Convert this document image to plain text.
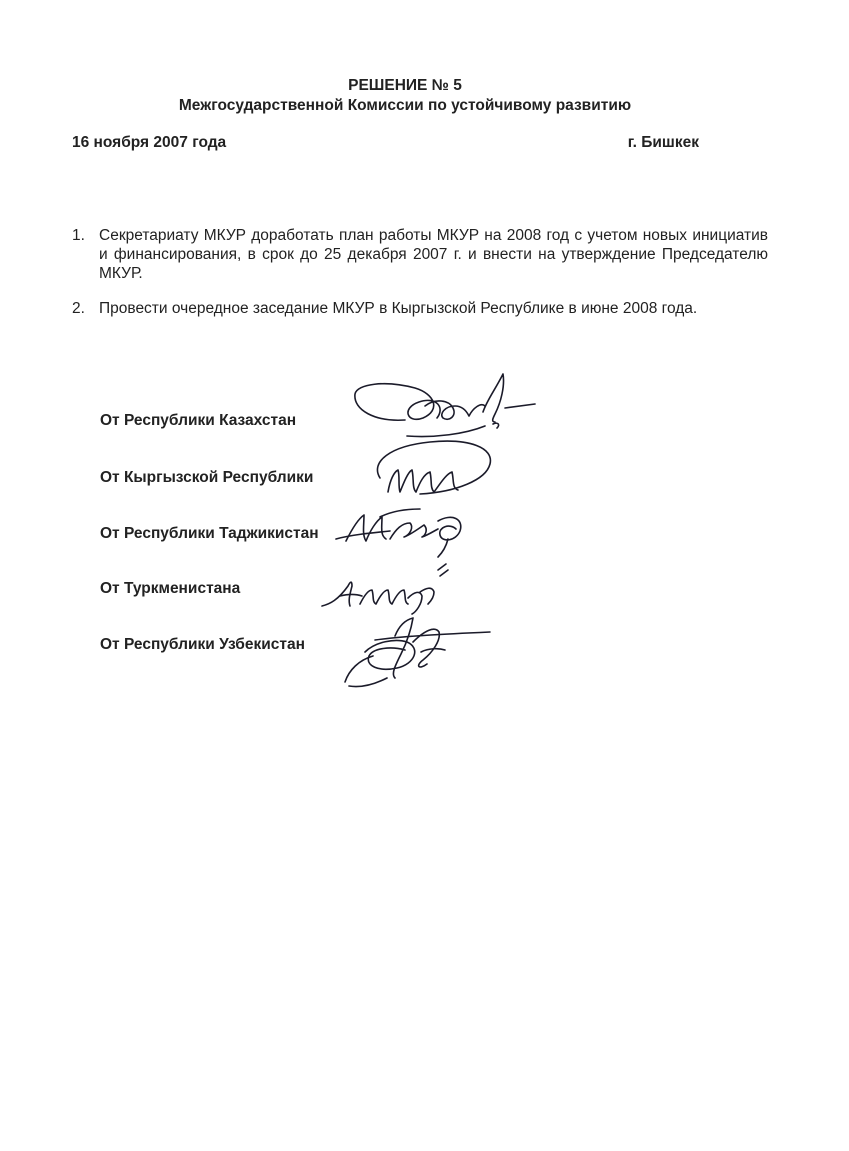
РЕШЕНИЕ № 5
Межгосударственной Комиссии по устойчивому развитию
16 ноября 2007 года	г. Бишкек
1. Секретариату МКУР доработать план работы МКУР на 2008 год с учетом новых инициатив и финансирования, в срок до 25 декабря 2007 г. и внести на утверждение Председателю МКУР.
2. Провести очередное заседание МКУР в Кыргызской Республике в июне 2008 года.
От Республики Казахстан
От Кыргызской Республики
От Республики Таджикистан
От Туркменистана
От Республики Узбекистан
